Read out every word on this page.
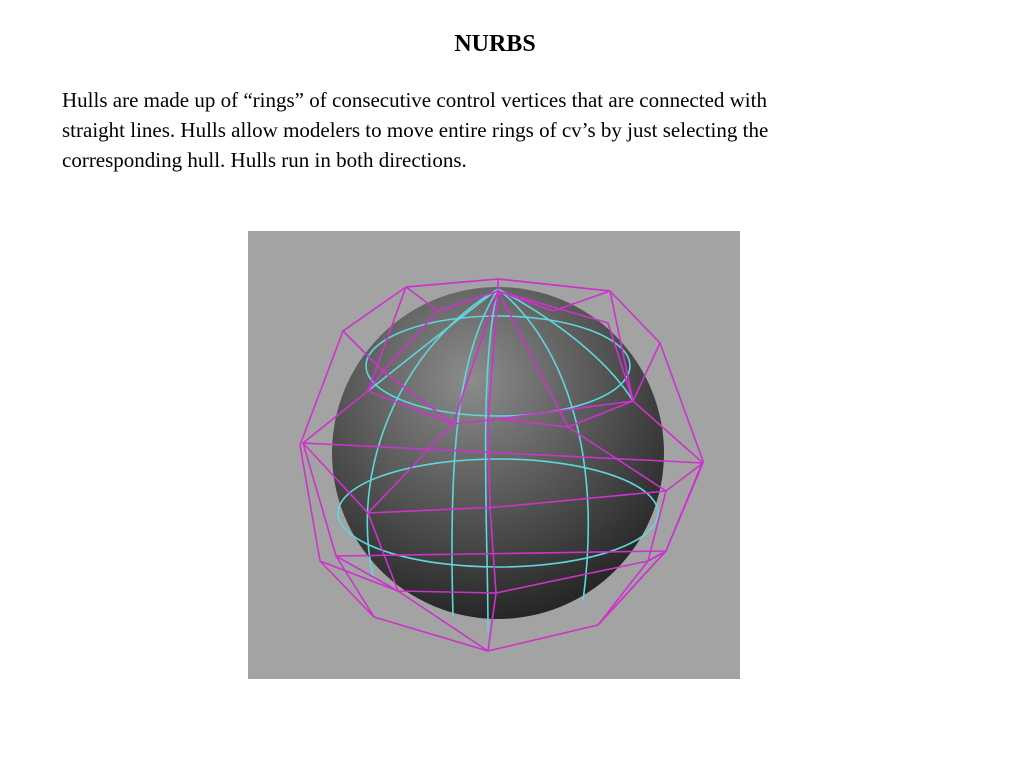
NURBS
Hulls are made up of “rings” of consecutive control vertices that are connected with
straight lines. Hulls allow modelers to move entire rings of cv’s by just selecting the
corresponding hull. Hulls run in both directions.
